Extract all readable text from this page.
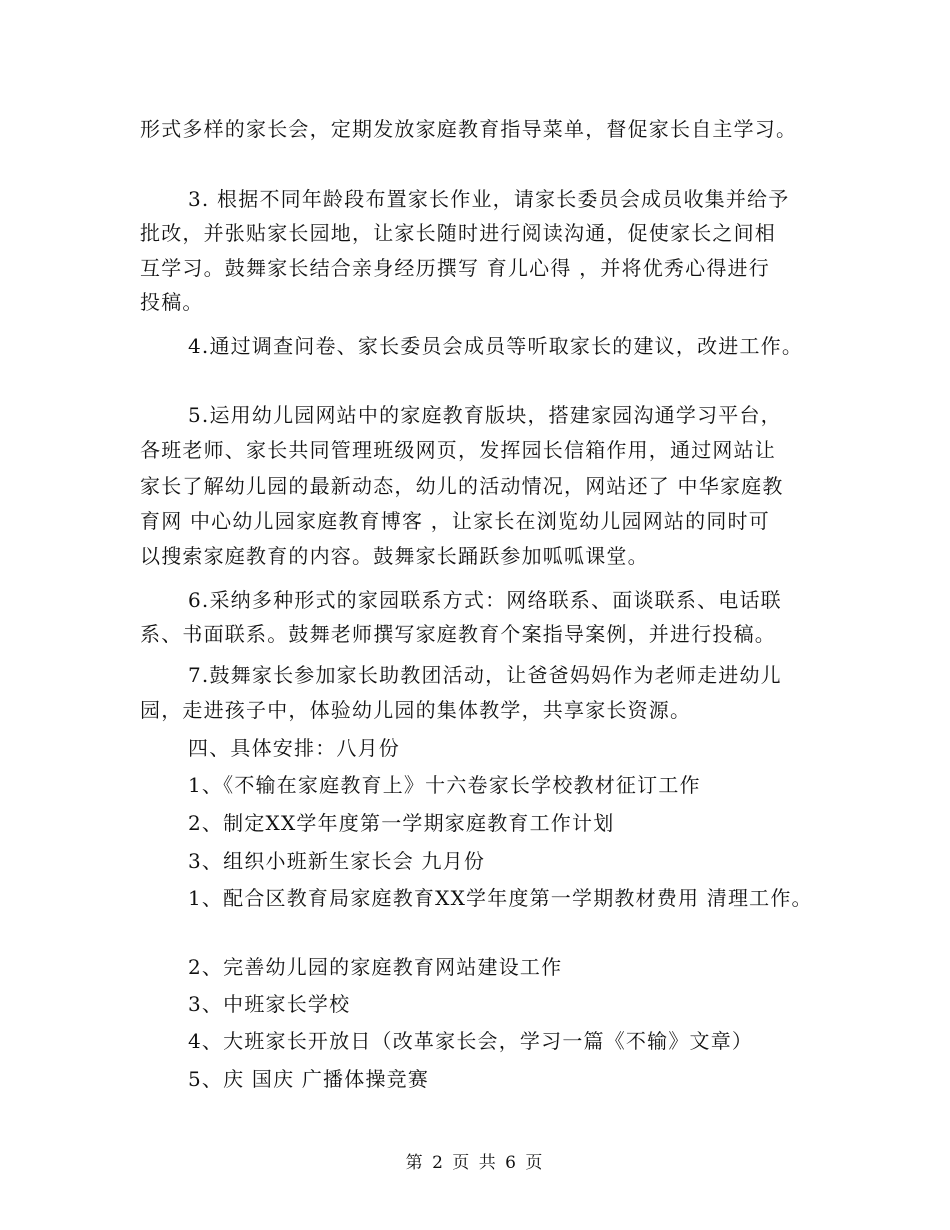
形式多样的家长会，定期发放家庭教育指导菜单，督促家长自主学习。
3. 根据不同年龄段布置家长作业，请家长委员会成员收集并给予
批改，并张贴家长园地，让家长随时进行阅读沟通，促使家长之间相
互学习。鼓舞家长结合亲身经历撰写 育儿心得 ，并将优秀心得进行
投稿。
4.通过调查问卷、家长委员会成员等听取家长的建议，改进工作。
5.运用幼儿园网站中的家庭教育版块，搭建家园沟通学习平台，
各班老师、家长共同管理班级网页，发挥园长信箱作用，通过网站让
家长了解幼儿园的最新动态，幼儿的活动情况，网站还了 中华家庭教
育网 中心幼儿园家庭教育博客 ，让家长在浏览幼儿园网站的同时可
以搜索家庭教育的内容。鼓舞家长踊跃参加呱呱课堂。
6.采纳多种形式的家园联系方式：网络联系、面谈联系、电话联
系、书面联系。鼓舞老师撰写家庭教育个案指导案例，并进行投稿。
7.鼓舞家长参加家长助教团活动，让爸爸妈妈作为老师走进幼儿
园，走进孩子中，体验幼儿园的集体教学，共享家长资源。
四、具体安排：八月份
1、《不输在家庭教育上》十六卷家长学校教材征订工作
2、制定XX学年度第一学期家庭教育工作计划
3、组织小班新生家长会 九月份
1、配合区教育局家庭教育XX学年度第一学期教材费用 清理工作。
2、完善幼儿园的家庭教育网站建设工作
3、中班家长学校
4、大班家长开放日（改革家长会，学习一篇《不输》文章）
5、庆 国庆 广播体操竞赛
第 2 页 共 6 页
